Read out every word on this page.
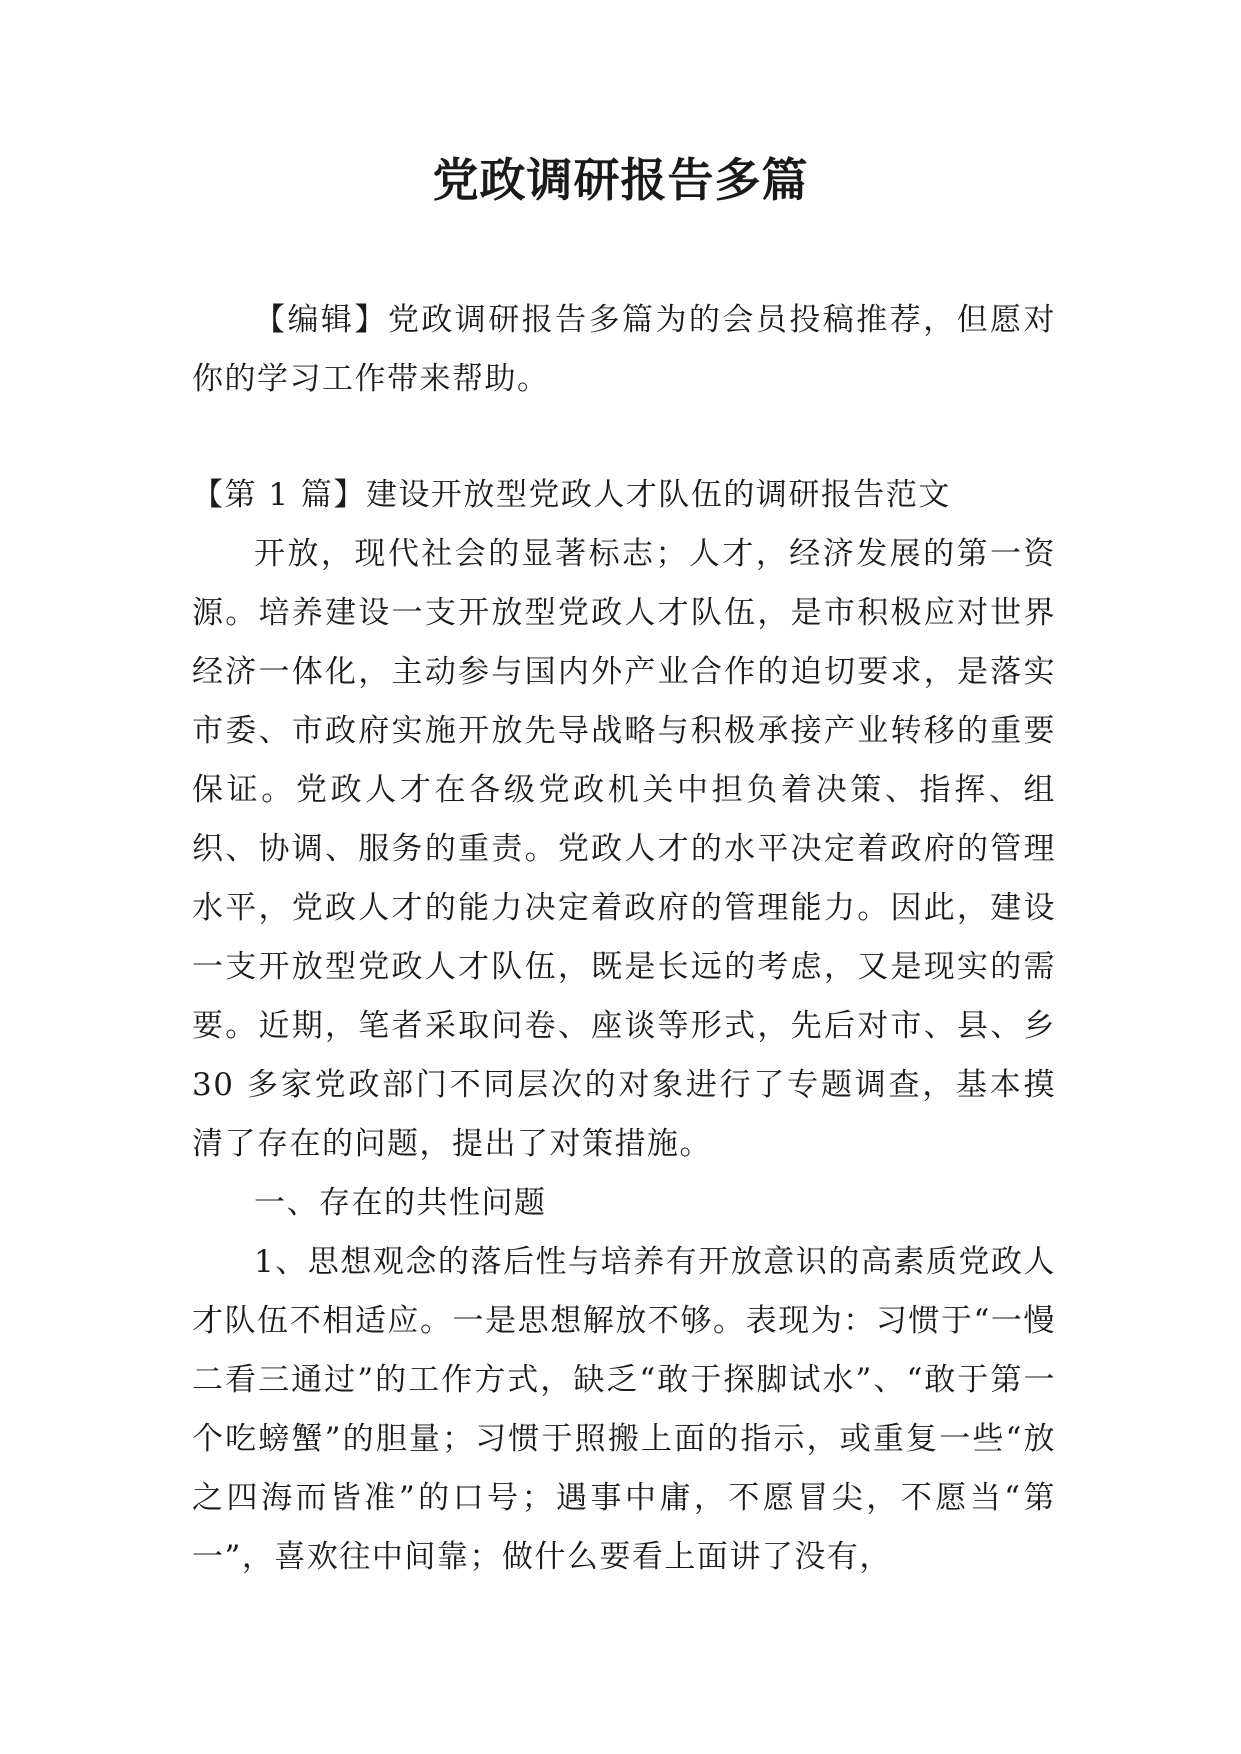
党政调研报告多篇

【编辑】党政调研报告多篇为的会员投稿推荐，但愿对你的学习工作带来帮助。

【第 1 篇】建设开放型党政人才队伍的调研报告范文

开放，现代社会的显著标志；人才，经济发展的第一资源。培养建设一支开放型党政人才队伍，是市积极应对世界经济一体化，主动参与国内外产业合作的迫切要求，是落实市委、市政府实施开放先导战略与积极承接产业转移的重要保证。党政人才在各级党政机关中担负着决策、指挥、组织、协调、服务的重责。党政人才的水平决定着政府的管理水平，党政人才的能力决定着政府的管理能力。因此，建设一支开放型党政人才队伍，既是长远的考虑，又是现实的需要。近期，笔者采取问卷、座谈等形式，先后对市、县、乡 30 多家党政部门不同层次的对象进行了专题调查，基本摸清了存在的问题，提出了对策措施。

一、存在的共性问题

1、思想观念的落后性与培养有开放意识的高素质党政人才队伍不相适应。一是思想解放不够。表现为：习惯于“一慢二看三通过”的工作方式，缺乏“敢于探脚试水”、“敢于第一个吃螃蟹”的胆量；习惯于照搬上面的指示，或重复一些“放之四海而皆准”的口号；遇事中庸，不愿冒尖，不愿当“第一”，喜欢往中间靠；做什么要看上面讲了没有，
